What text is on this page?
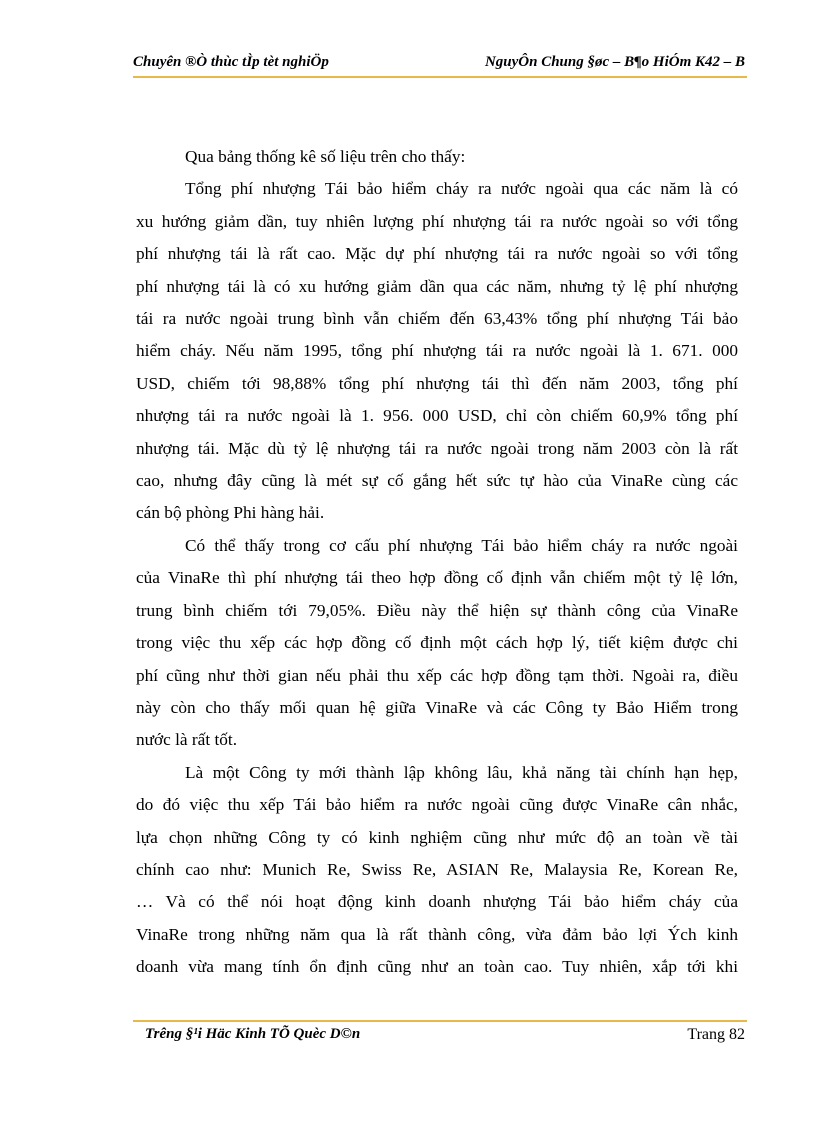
Chuyên ®Ò thùc tÌp tèt nghiÖp	NguyÔn Chung §øc – B¶o HiÓm K42 – B
Qua bảng thống kê số liệu trên cho thấy:
Tổng phí nhượng Tái bảo hiểm cháy ra nước ngoài qua các năm là có
xu hướng giảm dần, tuy nhiên lượng phí nhượng tái ra nước ngoài so với tổng
phí nhượng tái là rất cao. Mặc dự phí nhượng tái ra nước ngoài so với tổng
phí nhượng tái là có xu hướng giảm dần qua các năm, nhưng tỷ lệ phí nhượng
tái ra nước ngoài trung bình vẫn chiếm đến 63,43% tổng phí nhượng Tái bảo
hiểm cháy. Nếu năm 1995, tổng phí nhượng tái ra nước ngoài là 1. 671. 000
USD, chiếm tới 98,88% tổng phí nhượng tái thì đến năm 2003, tổng phí
nhượng tái ra nước ngoài là 1. 956. 000 USD, chỉ còn chiếm 60,9% tổng phí
nhượng tái. Mặc dù tỷ lệ nhượng tái ra nước ngoài trong năm 2003 còn là rất
cao, nhưng đây cũng là mét sự cố gắng hết sức tự hào của VinaRe cùng các
cán bộ phòng Phi hàng hải.
Có thể thấy trong cơ cấu phí nhượng Tái bảo hiểm cháy ra nước ngoài
của VinaRe thì phí nhượng tái theo hợp đồng cố định vẫn chiếm một tỷ lệ lớn,
trung bình chiếm tới 79,05%. Điều này thể hiện sự thành công của VinaRe
trong việc thu xếp các hợp đồng cố định một cách hợp lý, tiết kiệm được chi
phí cũng như thời gian nếu phải thu xếp các hợp đồng tạm thời. Ngoài ra, điều
này còn cho thấy mối quan hệ giữa VinaRe và các Công ty Bảo Hiểm trong
nước là rất tốt.
Là một Công ty mới thành lập không lâu, khả năng tài chính hạn hẹp,
do đó việc thu xếp Tái bảo hiểm ra nước ngoài cũng được VinaRe cân nhắc,
lựa chọn những Công ty có kinh nghiệm cũng như mức độ an toàn về tài
chính cao như: Munich Re, Swiss Re, ASIAN Re, Malaysia Re, Korean Re,
… Và có thể nói hoạt động kinh doanh nhượng Tái bảo hiểm cháy của
VinaRe trong những năm qua là rất thành công, vừa đảm bảo lợi Ých kinh
doanh vừa mang tính ổn định cũng như an toàn cao. Tuy nhiên, xắp tới khi
Trêng §¹i Häc Kinh TÕ Quèc D©n	Trang 82
